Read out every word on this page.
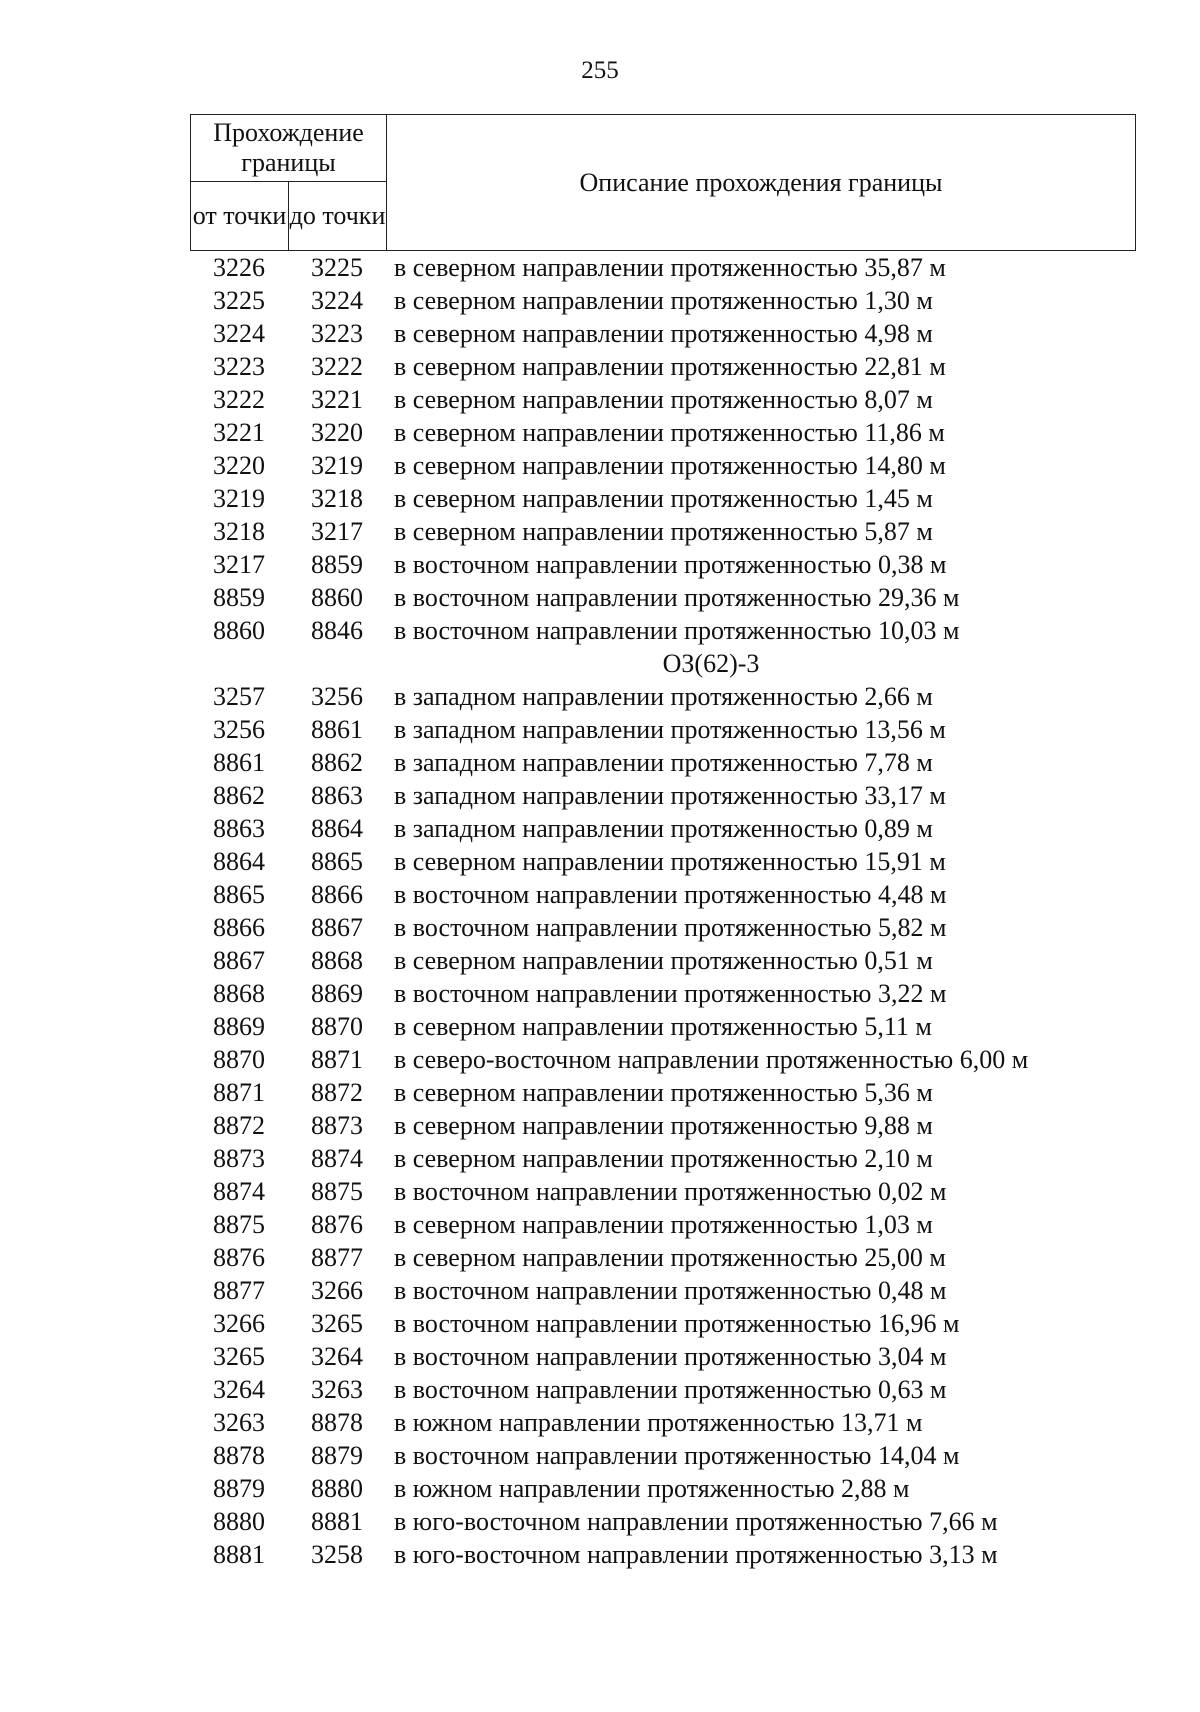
255
Прохождение границы		Описание прохождения границы
от точки	до точки	
3226	3225	в северном направлении протяженностью 35,87 м
3225	3224	в северном направлении протяженностью 1,30 м
3224	3223	в северном направлении протяженностью 4,98 м
3223	3222	в северном направлении протяженностью 22,81 м
3222	3221	в северном направлении протяженностью 8,07 м
3221	3220	в северном направлении протяженностью 11,86 м
3220	3219	в северном направлении протяженностью 14,80 м
3219	3218	в северном направлении протяженностью 1,45 м
3218	3217	в северном направлении протяженностью 5,87 м
3217	8859	в восточном направлении протяженностью 0,38 м
8859	8860	в восточном направлении протяженностью 29,36 м
8860	8846	в восточном направлении протяженностью 10,03 м
ОЗ(62)-3
3257	3256	в западном направлении протяженностью 2,66 м
3256	8861	в западном направлении протяженностью 13,56 м
8861	8862	в западном направлении протяженностью 7,78 м
8862	8863	в западном направлении протяженностью 33,17 м
8863	8864	в западном направлении протяженностью 0,89 м
8864	8865	в северном направлении протяженностью 15,91 м
8865	8866	в восточном направлении протяженностью 4,48 м
8866	8867	в восточном направлении протяженностью 5,82 м
8867	8868	в северном направлении протяженностью 0,51 м
8868	8869	в восточном направлении протяженностью 3,22 м
8869	8870	в северном направлении протяженностью 5,11 м
8870	8871	в северо-восточном направлении протяженностью 6,00 м
8871	8872	в северном направлении протяженностью 5,36 м
8872	8873	в северном направлении протяженностью 9,88 м
8873	8874	в северном направлении протяженностью 2,10 м
8874	8875	в восточном направлении протяженностью 0,02 м
8875	8876	в северном направлении протяженностью 1,03 м
8876	8877	в северном направлении протяженностью 25,00 м
8877	3266	в восточном направлении протяженностью 0,48 м
3266	3265	в восточном направлении протяженностью 16,96 м
3265	3264	в восточном направлении протяженностью 3,04 м
3264	3263	в восточном направлении протяженностью 0,63 м
3263	8878	в южном направлении протяженностью 13,71 м
8878	8879	в восточном направлении протяженностью 14,04 м
8879	8880	в южном направлении протяженностью 2,88 м
8880	8881	в юго-восточном направлении протяженностью 7,66 м
8881	3258	в юго-восточном направлении протяженностью 3,13 м
